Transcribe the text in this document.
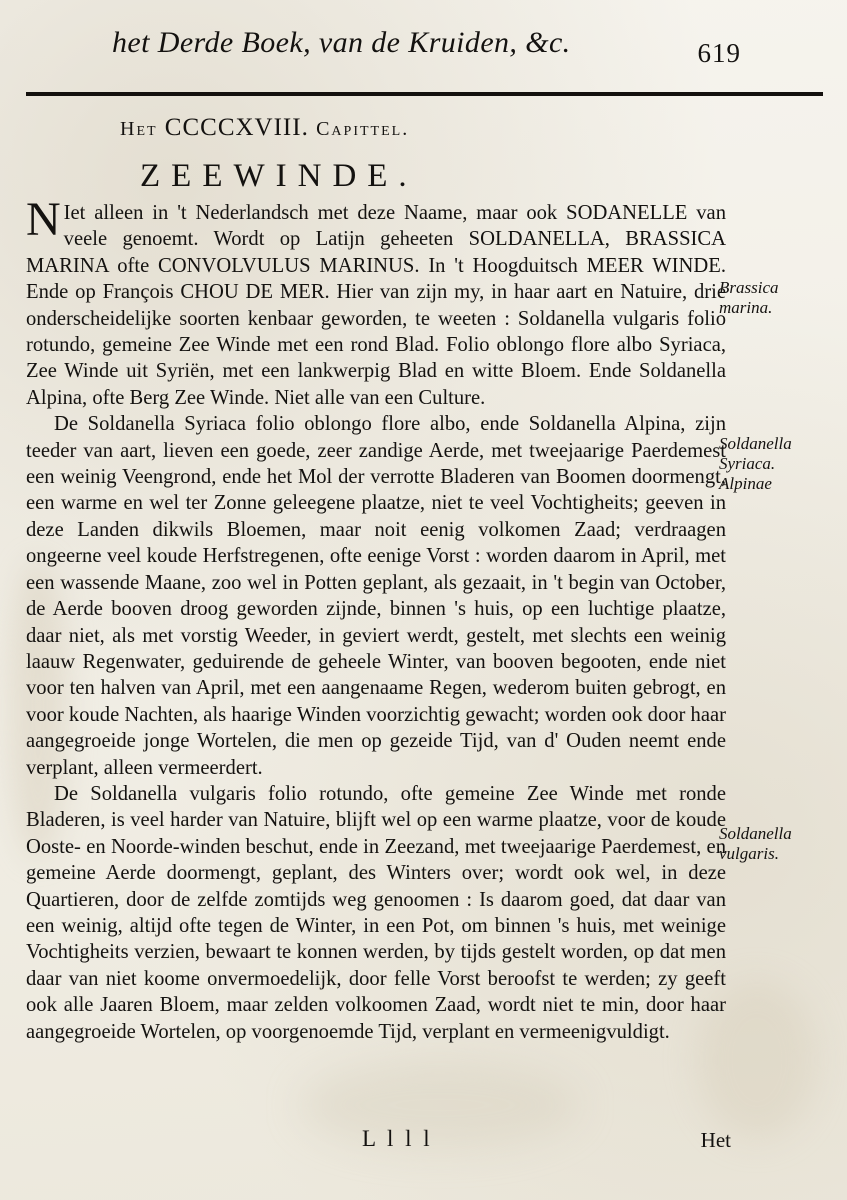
het Derde Boek, van de Kruiden, &c.	619
Het CCCCXVIII. Capittel.
ZEEWINDE.

N Iet alleen in 't Nederlandsch met deze Naame, maar ook SODANELLE van veele genoemt. Wordt op Latijn geheeten SOLDANELLA, BRASSICA MARINA ofte CONVOLVULUS MARINUS. In 't Hoogduitsch MEER WINDE. Ende op François CHOU DE MER. Hier van zijn my, in haar aart en Natuire, drie onderscheidelijke soorten kenbaar geworden, te weeten : Soldanella vulgaris folio rotundo, gemeine Zee Winde met een rond Blad. Folio oblongo flore albo Syriaca, Zee Winde uit Syriën, met een lankwerpig Blad en witte Bloem. Ende Soldanella Alpina, ofte Berg Zee Winde. Niet alle van een Culture.

De Soldanella Syriaca folio oblongo flore albo, ende Soldanella Alpina, zijn teeder van aart, lieven een goede, zeer zandige Aerde, met tweejaarige Paerdemest een weinig Veengrond, ende het Mol der verrotte Bladeren van Boomen doormengt, een warme en wel ter Zonne geleegene plaatze, niet te veel Vochtigheits; geeven in deze Landen dikwils Bloemen, maar noit eenig volkomen Zaad; verdraagen ongeerne veel koude Herfstregenen, ofte eenige Vorst : worden daarom in April, met een wassende Maane, zoo wel in Potten geplant, als gezaait, in 't begin van October, de Aerde booven droog geworden zijnde, binnen 's huis, op een luchtige plaatze, daar niet, als met vorstig Weeder, in geviert werdt, gestelt, met slechts een weinig laauw Regenwater, geduirende de geheele Winter, van booven begooten, ende niet voor ten halven van April, met een aangenaame Regen, wederom buiten gebrogt, en voor koude Nachten, als haarige Winden voorzichtig gewacht; worden ook door haar aangegroeide jonge Wortelen, die men op gezeide Tijd, van d' Ouden neemt ende verplant, alleen vermeerdert.

De Soldanella vulgaris folio rotundo, ofte gemeine Zee Winde met ronde Bladeren, is veel harder van Natuire, blijft wel op een warme plaatze, voor de koude Ooste- en Noorde-winden beschut, ende in Zeezand, met tweejaarige Paerdemest, en gemeine Aerde doormengt, geplant, des Winters over; wordt ook wel, in deze Quartieren, door de zelfde zomtijds weg genoomen : Is daarom goed, dat daar van een weinig, altijd ofte tegen de Winter, in een Pot, om binnen 's huis, met weinige Vochtigheits verzien, bewaart te konnen werden, by tijds gestelt worden, op dat men daar van niet koome onvermoedelijk, door felle Vorst beroofst te werden; zy geeft ook alle Jaaren Bloem, maar zelden volkoomen Zaad, wordt niet te min, door haar aangegroeide Wortelen, op voorgenoemde Tijd, verplant en vermeenigvuldigt.

Brassica
marina.
Soldanella
Syriaca.
Alpinae
Soldanella
vulgaris.
L l l l	Het
